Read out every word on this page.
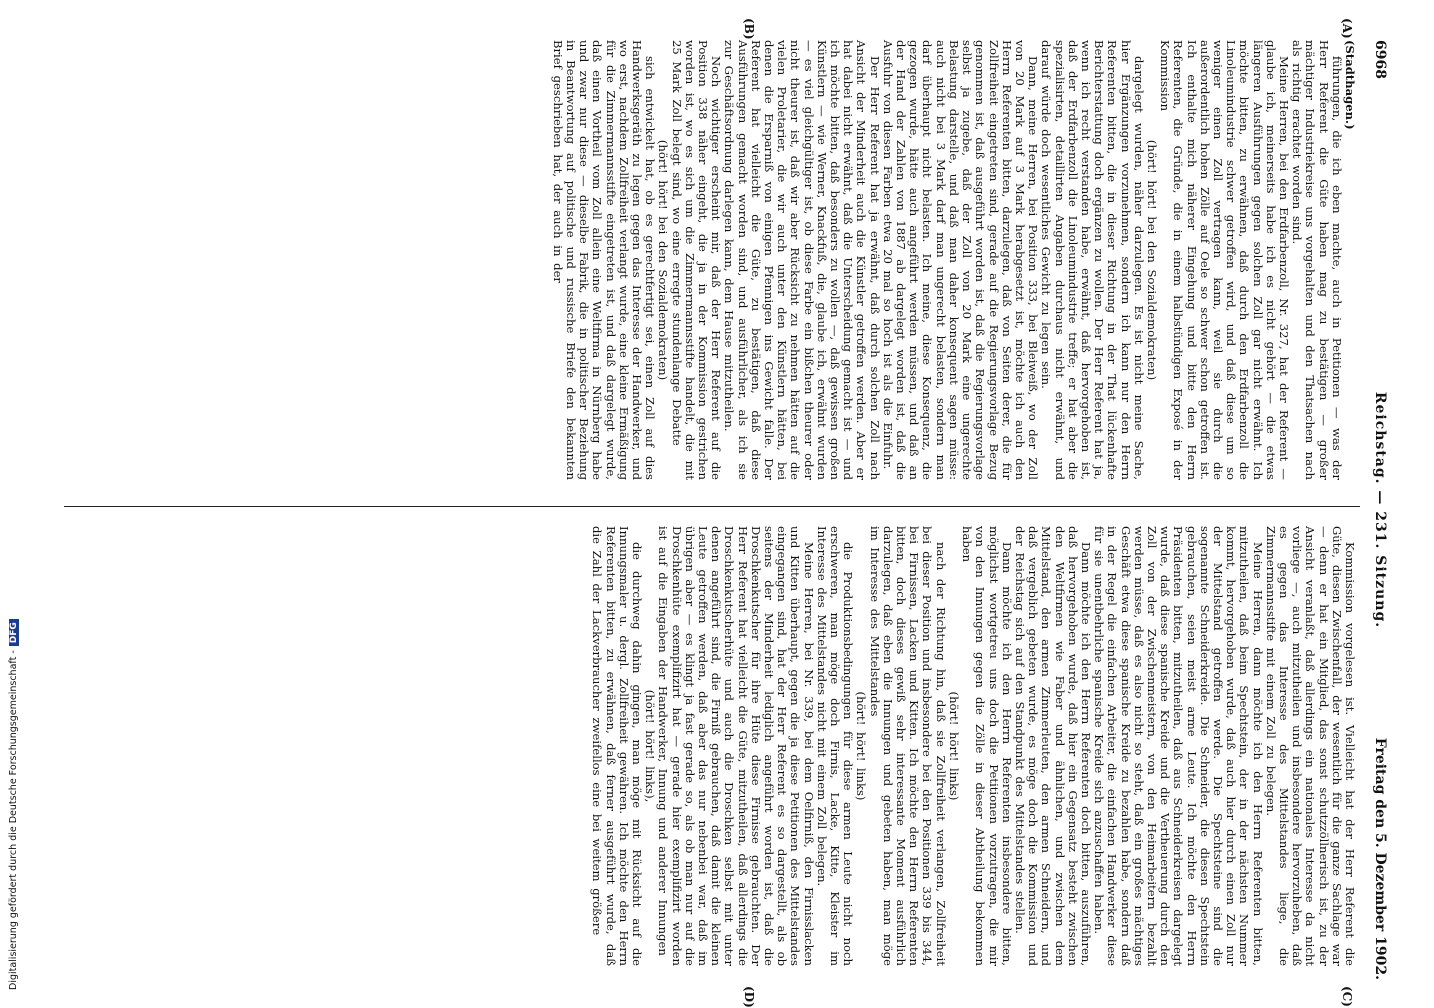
6968
Reichstag. — 231. Sitzung.
Freitag den 5. Dezember 1902.
(A)
(B)
(C)
(D)

(Stadthagen.)

führungen, die ich eben machte, auch in Petitionen — was der Herr Referent die Güte haben mag zu bestätigen — großer mächtiger Industriekreise uns vorgehalten und den Thatsachen nach als richtig erachtet worden sind.

Meine Herren, bei den Erdfarbenzoll, Nr. 327, hat der Referent — glaube ich, meinerseits habe ich es nicht gehört — die etwas längeren Ausführungen gegen solchen Zoll gar nicht erwähnt. Ich möchte bitten, zu erwähnen, daß durch den Erdfarbenzoll die Linoleumindustrie schwer getroffen wird, und daß diese um so weniger einen Zoll vertragen kann, weil sie durch die außerordentlich hohen Zölle auf Oele so schwer schon getroffen ist. Ich enthalte mich näherer Eingehung und bitte den Herrn Referenten, die Gründe, die in einem halbstündigen Exposé in der Kommission

(hört! hört! bei den Sozialdemokraten)

dargelegt wurden, näher darzulegen. Es ist nicht meine Sache, hier Ergänzungen vorzunehmen, sondern ich kann nur den Herrn Referenten bitten, die in dieser Richtung in der That lückenhafte Berichterstattung doch ergänzen zu wollen. Der Herr Referent hat ja, wenn ich recht verstanden habe, erwähnt, daß hervorgehoben ist, daß der Erdfarbenzoll die Linoleumindustrie treffe; er hat aber die spezialisirten, detaillirten Angaben durchaus nicht erwähnt, und darauf würde doch wesentliches Gewicht zu legen sein.

Dann, meine Herren, bei Position 333, bei Bleiweiß, wo der Zoll von 20 Mark auf 3 Mark herabgesetzt ist, möchte ich auch den Herrn Referenten bitten, darzulegen, daß von Seiten derer, die für Zollfreiheit eingetreten sind, gerade auf die Regierungsvorlage Bezug genommen ist, daß ausgeführt worden ist, daß die Regierungsvorlage selbst ja zugebe, daß der Zoll von 20 Mark eine ungerechte Belastung darstelle, und daß man daher konsequent sagen müsse: auch nicht bei 3 Mark darf man ungerecht belasten, sondern man darf überhaupt nicht belasten. Ich meine, diese Konsequenz, die gezogen wurde, hätte auch angeführt werden müssen, und daß an der Hand der Zahlen von 1887 ab dargelegt worden ist, daß die Ausfuhr von diesen Farben etwa 20 mal so hoch ist als die Einfuhr.

Der Herr Referent hat ja erwähnt, daß durch solchen Zoll nach Ansicht der Minderheit auch die Künstler getroffen werden. Aber er hat dabei nicht erwähnt, daß die Unterscheidung gemacht ist — und ich möchte bitten, daß besonders zu wollen —, daß gewissen großen Künstlern — wie Werner, Knackfuß, die, glaube ich, erwähnt wurden — es viel gleichgültiger ist, ob diese Farbe ein bißchen theurer oder nicht theurer ist, daß wir aber Rücksicht zu nehmen hätten auf die vielen Proletarier, die wir auch unter den Künstlern hätten, bei denen die Ersparniß von einigen Pfennigen ins Gewicht falle. Der Referent hat vielleicht die Güte, zu bestätigen, daß diese Ausführungen gemacht worden sind, und ausführlicher, als ich sie zur Geschäftsordnung darlegen kann, dem Hause mitzutheilen.

Noch wichtiger erscheint mir, daß der Herr Referent auf die Position 338 näher eingeht, die ja in der Kommission gestrichen worden ist, wo es sich um die Zimmermannsstifte handelt, die mit 25 Mark Zoll belegt sind, wo eine erregte stundenlange Debatte

(hört! hört! bei den Sozialdemokraten)

sich entwickelt hat, ob es gerechtfertigt sei, einen Zoll auf dies Handwerksgeräth zu legen gegen das Interesse der Handwerker, und wo erst, nachdem Zollfreiheit verlangt wurde, eine kleine Ermäßigung für die Zimmermannsstifte eingetreten ist, und daß dargelegt wurde, daß einen Vortheil vom Zoll allein eine Weltfirma in Nürnberg habe und zwar nur diese — dieselbe Fabrik, die in politischer Beziehung in Beantwortung auf politische und russische Briefe den bekannten Brief geschrieben hat, der auch in der

Kommission vorgelesen ist. Vielleicht hat der Herr Referent die Güte, diesen Zwischenfall, der wesentlich für die ganze Sachlage war — denn er hat ein Mitglied, das sonst schutzzöllnerisch ist, zu der Ansicht veranlaßt, daß allerdings ein nationales Interesse da nicht vorliege —, auch mitzutheilen und insbesondere hervorzuheben, daß es gegen das Interesse des Mittelstandes liege, die Zimmermannsstifte mit einem Zoll zu belegen.

Meine Herren, dann möchte ich den Herrn Referenten bitten, mitzutheilen, daß beim Spechtstein, der in der nächsten Nummer kommt, hervorgehoben wurde, daß auch hier durch einen Zoll nur der Mittelstand getroffen werde. Die Spechtsteine sind die sogenannte Schneiderkreide. Die Schneider, die diesen Spechtstein gebrauchen, seien meist arme Leute. Ich möchte den Herrn Präsidenten bitten, mitzutheilen, daß aus Schneiderkreisen dargelegt wurde, daß diese spanische Kreide und die Vertheuerung durch den Zoll von der Zwischenmeistern, von den Heimarbeitern bezahlt werden müsse, daß es also nicht so steht, daß ein großes mächtiges Geschäft etwa diese spanische Kreide zu bezahlen habe, sondern daß in der Regel die einfachen Arbeiter, die einfachen Handwerker diese für sie unentbehrliche spanische Kreide sich anzuschaffen haben.

Dann möchte ich den Herrn Referenten doch bitten, auszuführen, daß hervorgehoben wurde, daß hier ein Gegensatz besteht zwischen den Weltfirmen wie Faber und ähnlichen, und zwischen dem Mittelstand, den armen Zimmerleuten, den armen Schneidern, und daß vergeblich gebeten wurde, es möge doch die Kommission und der Reichstag sich auf den Standpunkt des Mittelstandes stellen.

Dann möchte ich den Herrn Referenten insbesondere bitten, möglichst wortgetreu uns doch die Petitionen vorzutragen, die mir von den Innungen gegen die Zölle in dieser Abtheilung bekommen haben

(hört! hört! links)

nach der Richtung hin, daß sie Zollfreiheit verlangen, Zollfreiheit bei dieser Position und insbesondere bei den Positionen 339 bis 344, bei Firnissen, Lacken und Kitten. Ich möchte den Herrn Referenten bitten, doch dieses gewiß sehr interessante Moment ausführlich darzulegen, daß eben die Innungen und gebeten haben, man möge im Interesse des Mittelstandes

(hört! hört! links)

die Produktionsbedingungen für diese armen Leute nicht noch erschweren, man möge doch Firnis, Lacke, Kitte, Kleister im Interesse des Mittelstandes nicht mit einem Zoll belegen.

Meine Herren, bei Nr. 339, bei dem Oelfirniß, den Firnisslacken und Kitten überhaupt, gegen die ja diese Petitionen des Mittelstandes eingegangen sind, hat der Herr Referent es so dargestellt, als ob seitens der Minderheit lediglich angeführt worden ist, daß die Droschkenkutscher für ihre Hüte diese Firnisse gebrauchten. Der Herr Referent hat vielleicht die Güte, mitzutheilen, daß allerdings die Droschkenkutscherhüte und auch die Droschken selbst mit unter denen angeführt sind, die Firniß gebrauchen, daß damit die kleinen Leute getroffen werden, daß aber das nur nebenbei war, daß im übrigen aber — es klingt ja fast gerade so, als ob man nur auf die Droschkenhüte exemplifizirt hat — gerade hier exemplifizirt worden ist auf die Eingaben der Handwerker, Innung und anderer Innungen

(hört! hört! links),

die durchweg dahin gingen, man möge mit Rücksicht auf die Innungsmaler u. dergl. Zollfreiheit gewähren. Ich möchte den Herrn Referenten bitten, zu erwähnen, daß ferner ausgeführt wurde, daß die Zahl der Lackverbraucher zweifellos eine bei weitem größere

Digitalisierung gefördert durch die Deutsche Forschungsgemeinschaft -DFG
